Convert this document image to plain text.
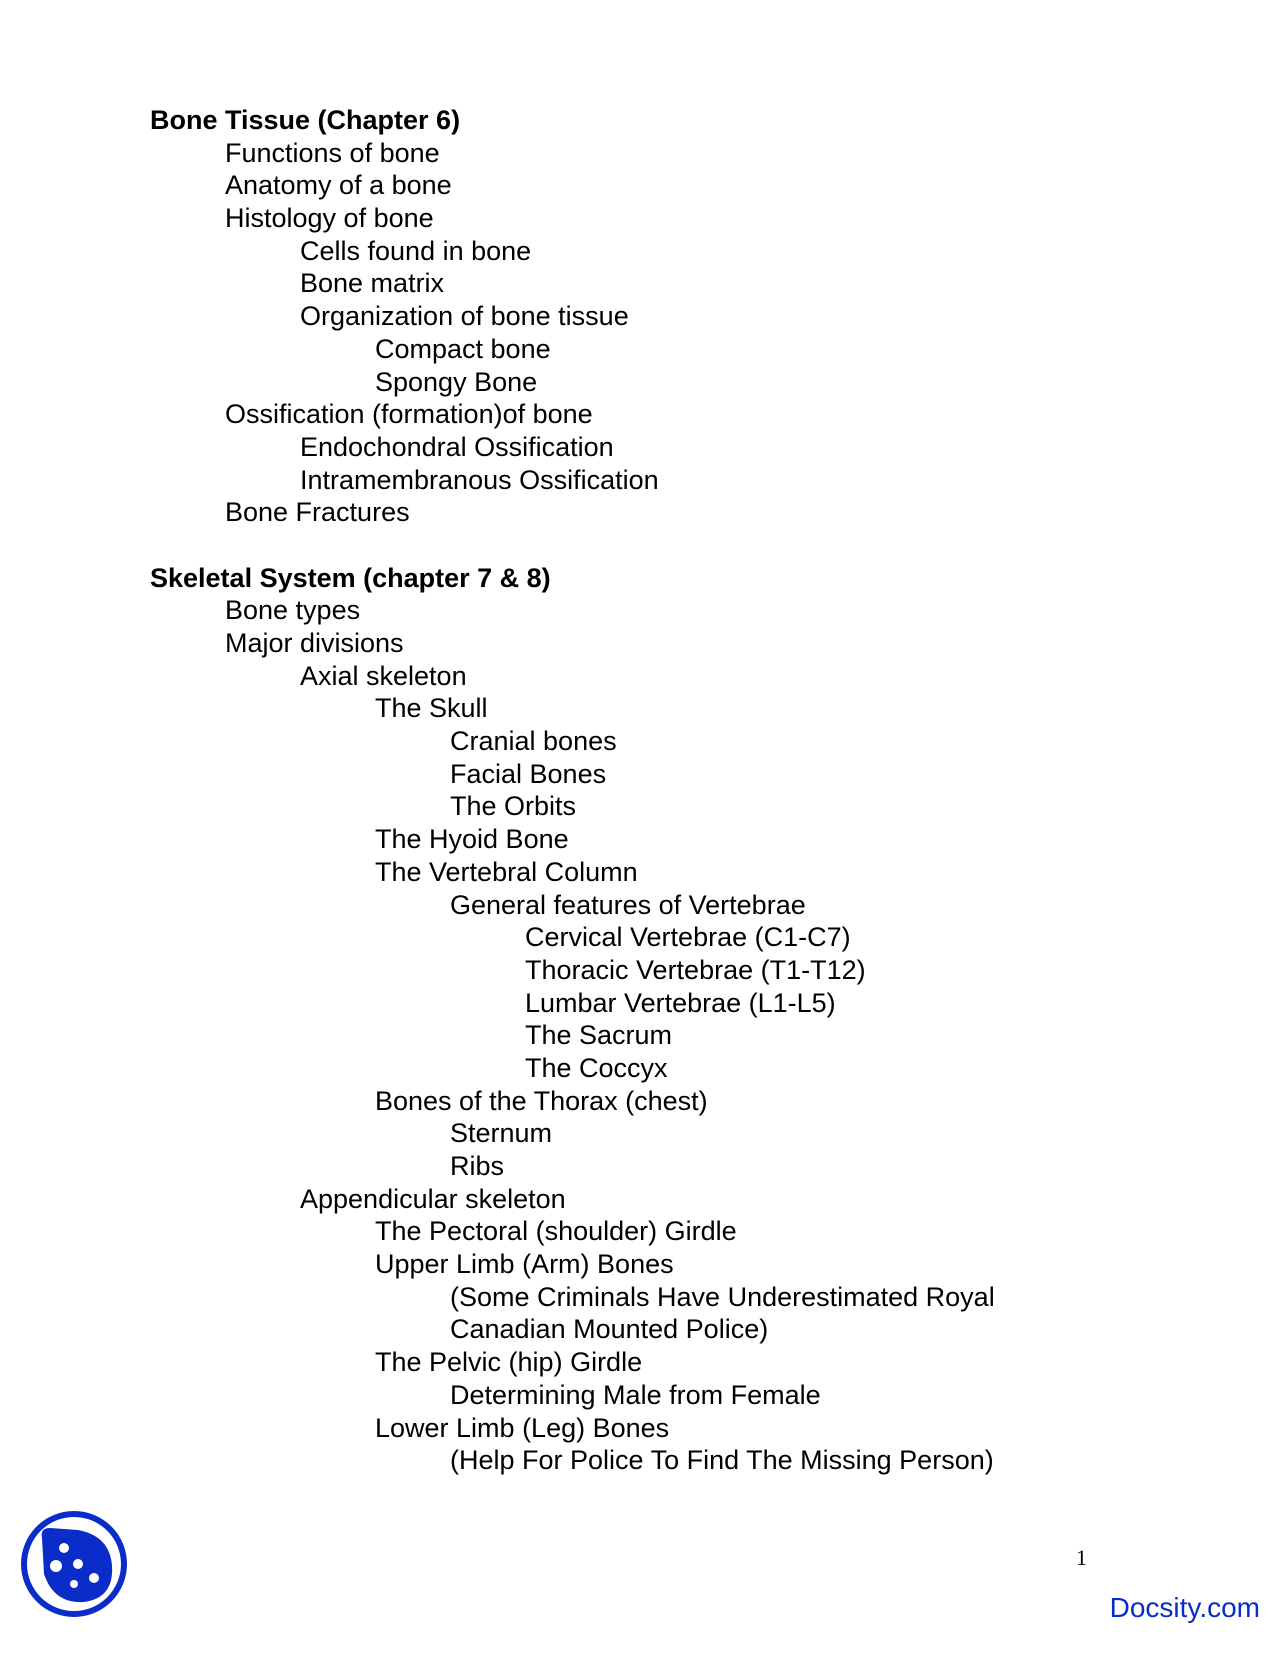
Bone Tissue (Chapter 6)
Functions of bone
Anatomy of a bone
Histology of bone
Cells found in bone
Bone matrix
Organization of bone tissue
Compact bone
Spongy Bone
Ossification (formation)of bone
Endochondral Ossification
Intramembranous Ossification
Bone Fractures
Skeletal System (chapter 7 & 8)
Bone types
Major divisions
Axial skeleton
The Skull
Cranial bones
Facial Bones
The Orbits
The Hyoid Bone
The Vertebral Column
General features of Vertebrae
Cervical Vertebrae (C1-C7)
Thoracic Vertebrae (T1-T12)
Lumbar Vertebrae (L1-L5)
The Sacrum
The Coccyx
Bones of the Thorax (chest)
Sternum
Ribs
Appendicular skeleton
The Pectoral (shoulder) Girdle
Upper Limb (Arm) Bones
(Some Criminals Have Underestimated Royal
Canadian Mounted Police)
The Pelvic (hip) Girdle
Determining Male from Female
Lower Limb (Leg) Bones
(Help For Police To Find The Missing Person)
1
Docsity.com
